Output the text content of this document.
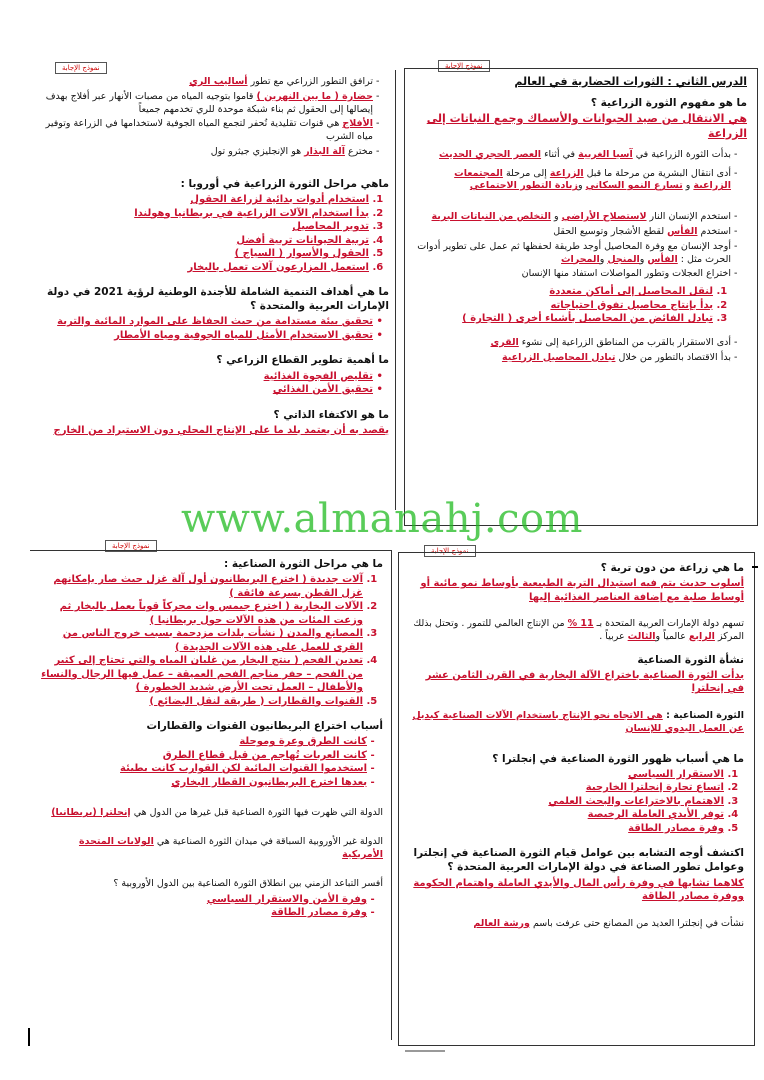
نموذج الإجابة
الدرس الثاني : الثورات الحضارية في العالم
ما هو مفهوم الثورة الزراعية ؟
هي الانتقال من صيد الحيوانات والأسماك وجمع النباتات إلى الزراعة
- بدأت الثورة الزراعية في آسيا الغربية في أثناء العصر الحجري الحديث
- أدى انتقال البشرية من مرحلة ما قبل الزراعة إلى مرحلة المجتمعات الزراعية و تسارع النمو السكاني وزيادة التطور الاجتماعي
- استخدم الإنسان النار لاستصلاح الأراضي و التخلص من النباتات البرية
- استخدم الفأس لقطع الأشجار وتوسيع الحقل
- أوجد الإنسان مع وفرة المحاصيل أوجد طريقة لحفظها ثم عمل على تطوير أدوات الحرث مثل : الفأس والمنجل والمحراث
- اختراع العجلات وتطور المواصلات استفاد منها الإنسان
1. لنقل المحاصيل إلى أماكن متعددة
2. بدأ بإنتاج محاصيل تفوق احتياجاته
3. تبادل الفائض من المحاصيل بأشياء أخرى ( التجارة )
- أدى الاستقرار بالقرب من المناطق الزراعية إلى نشوء القرى
- بدأ الاقتصاد بالتطور من خلال تبادل المحاصيل الزراعية
نموذج الإجابة
- ترافق التطور الزراعي مع تطور أساليب الري
- حضارة ( ما بين النهرين ) قاموا بتوجيه المياه من مصبات الأنهار عبر أفلاج بهدف إيصالها إلى الحقول ثم بناء شبكة موحدة للري تخدمهم جميعاً
- الأفلاج هي قنوات تقليدية تُحفر لتجمع المياه الجوفية لاستخدامها في الزراعة وتوفير مياه الشرب
- مخترع آلة البذار هو الإنجليزي جيثرو تول
ماهي مراحل الثورة الزراعية في أوروبا :
1. استخدام أدوات بدائية لزراعة الحقول
2. بدأ استخدام الآلات الزراعية في بريطانيا وهولندا
3. تدوير المحاصيل
4. تربية الحيوانات تربية أفضل
5. الحقول والأسوار ( السياج )
6. استعمل المزارعون آلات تعمل بالبخار
ما هي أهداف التنمية الشاملة للأجندة الوطنية لرؤية 2021 في دولة الإمارات العربية والمتحدة ؟
• تحقيق بيئة مستدامة من حيث الحفاظ على الموارد المائية والتربة
• تحقيق الاستخدام الأمثل للمياه الجوفية ومياه الأمطار
ما أهمية تطوير القطاع الزراعي ؟
• تقليص الفجوة الغذائية
• تحقيق الأمن الغذائي
ما هو الاكتفاء الذاتي ؟
يقصد به أن يعتمد بلد ما على الإنتاج المحلي دون الاستيراد من الخارج
www.almanahj.com
نموذج الإجابة
ما هي زراعة من دون تربة ؟
أسلوب حديث يتم فيه استبدال التربة الطبيعية بأوساط نمو مائية أو أوساط صلبة مع إضافة العناصر الغذائية إليها
تسهم دولة الإمارات العربية المتحدة بـ 11 % من الإنتاج العالمي للتمور . وتحتل بذلك المركز الرابع عالمياً والثالث عربياً .
نشأة الثورة الصناعية
بدأت الثورة الصناعية باختراع الآلة البخارية في القرن الثامن عشر في إنجلترا
الثورة الصناعية : هي الاتجاه نحو الإنتاج باستخدام الآلات الصناعية كبديل عن العمل اليدوي للإنسان
ما هي أسباب ظهور الثورة الصناعية في إنجلترا ؟
1. الاستقرار السياسي
2. اتساع تجارة إنجلترا الخارجية
3. الاهتمام بالاختراعات والبحث العلمي
4. توفر الأيدي العاملة الرخيصة
5. وفرة مصادر الطاقة
اكتشف أوجه التشابه بين عوامل قيام الثورة الصناعية في إنجلترا وعوامل تطور الصناعة في دولة الإمارات العربية المتحدة ؟
كلاهما تشابها في وفرة رأس المال والأيدي العاملة واهتمام الحكومة ووفرة مصادر الطاقة
نشأت في إنجلترا العديد من المصانع حتى عرفت باسم ورشة العالم
نموذج الإجابة
ما هي مراحل الثورة الصناعية :
1. آلات جديدة ( اخترع البريطانيون أول آلة غزل حيث صار بإمكانهم غزل القطن بسرعة فائقة )
2. الآلات البخارية ( اخترع جيمس وات محركاً قوياً يعمل بالبخار ثم وزعت المئات من هذه الآلات حول بريطانيا )
3. المصانع والمدن ( نشأت بلدات مزدحمة بسبب خروج الناس من القرى للعمل على هذه الآلات الجديدة )
4. تعدين الفحم ( ينتج البخار من غليان المياه والتي تحتاج إلى كثير من الفحم – حفر مناجم الفحم العميقة – عمل فيها الرجال والنساء والأطفال – العمل تحت الأرض شديد الخطورة )
5. القنوات والقطارات ( طريقة لنقل البضائع )
أسباب اختراع البريطانيون القنوات والقطارات
- كانت الطرق وعرة وموحلة
- كانت العربات تُهاجم من قبل قطاع الطرق
- استخدموا القنوات المائية لكن القوارب كانت بطيئة
- بعدها اخترع البريطانيون القطار البخاري
الدولة التي ظهرت فيها الثورة الصناعية قبل غيرها من الدول هي إنجلترا (بريطانيا)
الدولة غير الأوروبية السباقة في ميدان الثورة الصناعية هي الولايات المتحدة الأمريكية
أفسر التباعد الزمني بين انطلاق الثورة الصناعية بين الدول الأوروبية ؟
- وفرة الأمن والاستقرار السياسي
- وفرة مصادر الطاقة
